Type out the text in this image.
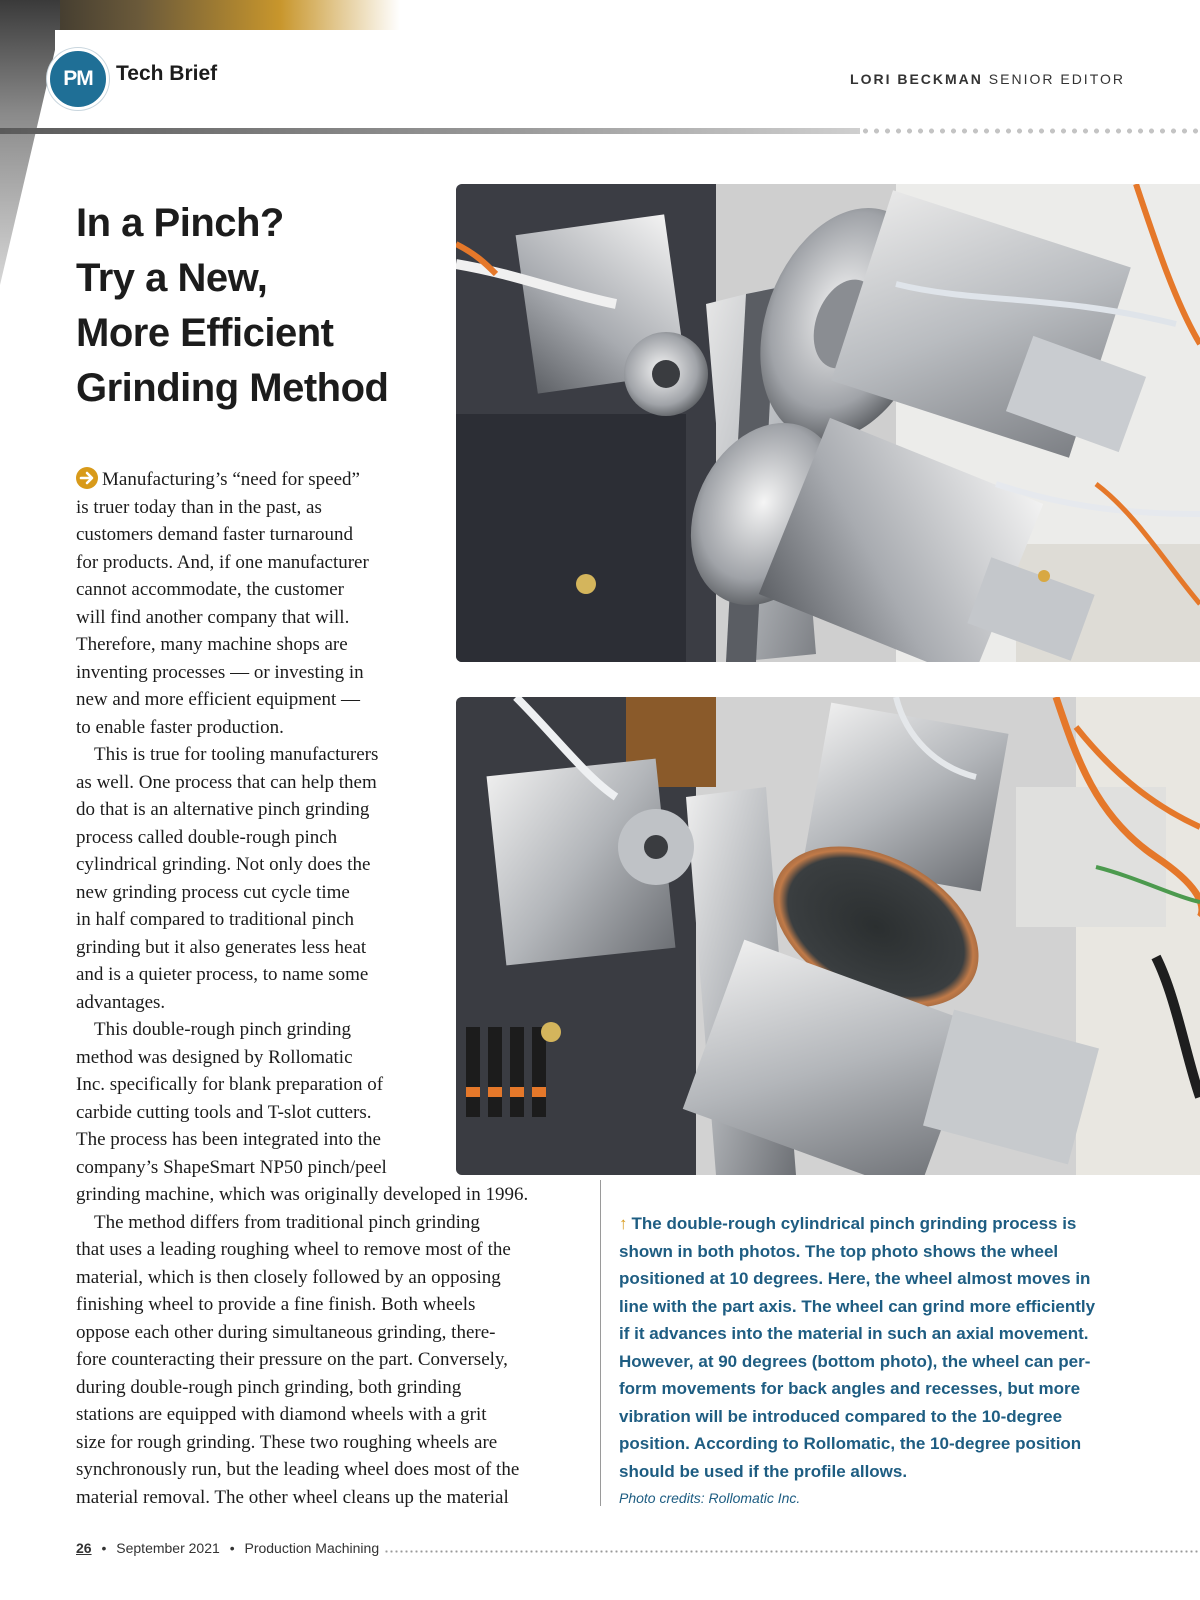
PM	Tech Brief	LORI BECKMAN SENIOR EDITOR
In a Pinch?
Try a New,
More Efficient
Grinding Method

Manufacturing’s “need for speed”
is truer today than in the past, as
customers demand faster turnaround
for products. And, if one manufacturer
cannot accommodate, the customer
will find another company that will.
Therefore, many machine shops are
inventing processes — or investing in
new and more efficient equipment —
to enable faster production.

This is true for tooling manufacturers
as well. One process that can help them
do that is an alternative pinch grinding
process called double-rough pinch
cylindrical grinding. Not only does the
new grinding process cut cycle time
in half compared to traditional pinch
grinding but it also generates less heat
and is a quieter process, to name some
advantages.

This double-rough pinch grinding
method was designed by Rollomatic
Inc. specifically for blank preparation of
carbide cutting tools and T-slot cutters.
The process has been integrated into the
company’s ShapeSmart NP50 pinch/peel
grinding machine, which was originally developed in 1996.

The method differs from traditional pinch grinding
that uses a leading roughing wheel to remove most of the
material, which is then closely followed by an opposing
finishing wheel to provide a fine finish. Both wheels
oppose each other during simultaneous grinding, there-
fore counteracting their pressure on the part. Conversely,
during double-rough pinch grinding, both grinding
stations are equipped with diamond wheels with a grit
size for rough grinding. These two roughing wheels are
synchronously run, but the leading wheel does most of the
material removal. The other wheel cleans up the material

↑ The double-rough cylindrical pinch grinding process is
shown in both photos. The top photo shows the wheel
positioned at 10 degrees. Here, the wheel almost moves in
line with the part axis. The wheel can grind more efficiently
if it advances into the material in such an axial movement.
However, at 90 degrees (bottom photo), the wheel can per-
form movements for back angles and recesses, but more
vibration will be introduced compared to the 10-degree
position. According to Rollomatic, the 10-degree position
should be used if the profile allows.
Photo credits: Rollomatic Inc.
26 • September 2021 • Production Machining
